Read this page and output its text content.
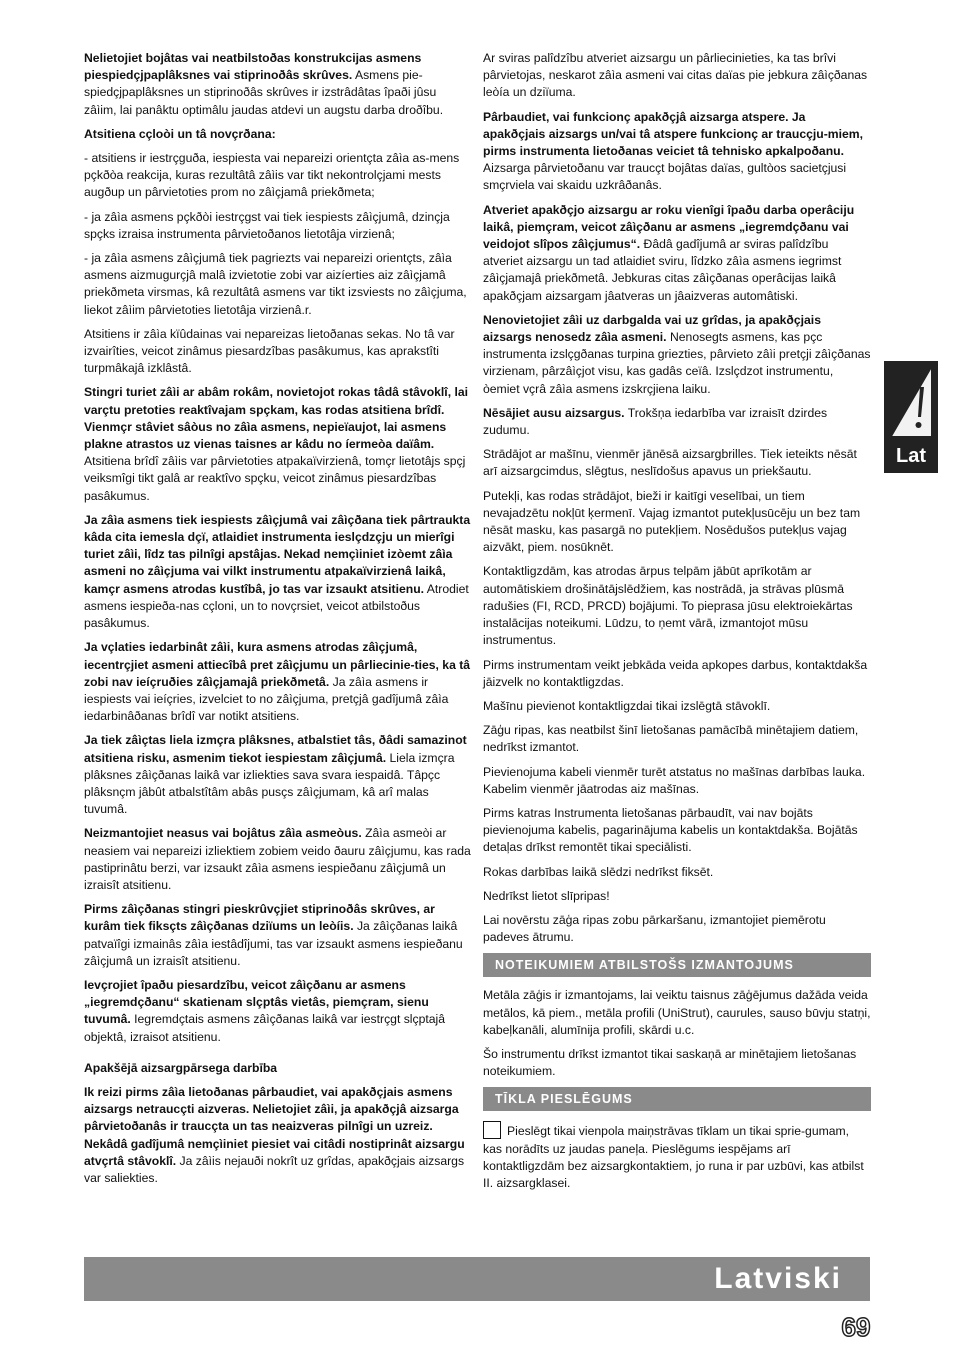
Nelietojiet bojâtas vai neatbilstoðas konstrukcijas asmens piespiedçjpaplâksnes vai stiprinoðâs skrûves. Asmens pie-spiedçjpaplâksnes un stiprinoðâs skrûves ir izstrâdâtas îpaði jûsu zâìim, lai panâktu optimâlu jaudas atdevi un augstu darba droðîbu.

Atsitiena cçloòi un tâ novçrðana:

- atsitiens ir iestrçguða, iespiesta vai nepareizi orientçta zâìa as-mens pçkðòa reakcija, kuras rezultâtâ zâìis var tikt nekontrolçjami mests augðup un pârvietoties prom no zâìçjamâ priekðmeta;

- ja zâìa asmens pçkðòi iestrçgst vai tiek iespiests zâìçjumâ, dzinçja spçks izraisa instrumenta pârvietoðanos lietotâja virzienâ;

- ja zâìa asmens zâìçjumâ tiek pagriezts vai nepareizi orientçts, zâìa asmens aizmugurçjâ malâ izvietotie zobi var aizíerties aiz zâìçjamâ priekðmeta virsmas, kâ rezultâtâ asmens var tikt izsviests no zâìçjuma, liekot zâìim pârvietoties lietotâja virzienâ.r.

Atsitiens ir zâìa kïûdainas vai nepareizas lietoðanas sekas. No tâ var izvairîties, veicot zinâmus piesardzîbas pasâkumus, kas aprakstîti turpmâkajâ izklâstâ.

Stingri turiet zâìi ar abâm rokâm, novietojot rokas tâdâ stâvoklî, lai varçtu pretoties reaktîvajam spçkam, kas rodas atsitiena brîdî. Vienmçr stâviet sâòus no zâìa asmens, nepieïaujot, lai asmens plakne atrastos uz vienas taisnes ar kâdu no íermeòa daïâm. Atsitiena brîdî zâìis var pârvietoties atpakaïvirzienâ, tomçr lietotâjs spçj veiksmîgi tikt galâ ar reaktîvo spçku, veicot zinâmus piesardzîbas pasâkumus.

Ja zâìa asmens tiek iespiests zâìçjumâ vai zâìçðana tiek pârtraukta kâda cita iemesla dçï, atlaidiet instrumenta ieslçdzçju un mierîgi turiet zâìi, lîdz tas pilnîgi apstâjas. Nekad nemçìiniet izòemt zâìa asmeni no zâìçjuma vai vilkt instrumentu atpakaïvirzienâ laikâ, kamçr asmens atrodas kustîbâ, jo tas var izsaukt atsitienu. Atrodiet asmens iespieða-nas cçloni, un to novçrsiet, veicot atbilstoðus pasâkumus.

Ja vçlaties iedarbinât zâìi, kura asmens atrodas zâìçjumâ, iecentrçjiet asmeni attiecîbâ pret zâìçjumu un pârliecinie-ties, ka tâ zobi nav ieíçruðies zâìçjamajâ priekðmetâ. Ja zâìa asmens ir iespiests vai ieíçries, izvelciet to no zâìçjuma, pretçjâ gadîjumâ zâìa iedarbinâðanas brîdî var notikt atsitiens.

Ja tiek zâìçtas liela izmçra plâksnes, atbalstiet tâs, ðâdi samazinot atsitiena risku, asmenim tiekot iespiestam zâìçjumâ. Liela izmçra plâksnes zâìçðanas laikâ var izliekties sava svara iespaidâ. Tâpçc plâksnçm jâbût atbalstîtâm abâs pusçs zâìçjumam, kâ arî malas tuvumâ.

Neizmantojiet neasus vai bojâtus zâìa asmeòus. Zâìa asmeòi ar neasiem vai nepareizi izliektiem zobiem veido ðauru zâìçjumu, kas rada pastiprinâtu berzi, var izsaukt zâìa asmens iespieðanu zâìçjumâ un izraisît atsitienu.

Pirms zâìçðanas stingri pieskrûvçjiet stiprinoðâs skrûves, ar kurâm tiek fiksçts zâìçðanas dziïums un leòíis. Ja zâìçðanas laikâ patvaïîgi izmainâs zâìa iestâdîjumi, tas var izsaukt asmens iespieðanu zâìçjumâ un izraisît atsitienu.

Ievçrojiet îpaðu piesardzîbu, veicot zâìçðanu ar asmens „iegremdçðanu“ skatienam slçptâs vietâs, piemçram, sienu tuvumâ. Iegremdçtais asmens zâìçðanas laikâ var iestrçgt slçptajâ objektâ, izraisot atsitienu.

Apakšējā aizsargpārsega darbība

Ik reizi pirms zâìa lietoðanas pârbaudiet, vai apakðçjais asmens aizsargs netraucçti aizveras. Nelietojiet zâìi, ja apakðçjâ aizsarga pârvietoðanâs ir traucçta un tas neaizveras pilnîgi un uzreiz. Nekâdâ gadîjumâ nemçìiniet piesiet vai citâdi nostiprinât aizsargu atvçrtâ stâvoklî. Ja zâìis nejauði nokrît uz grîdas, apakðçjais aizsargs var saliekties.

Ar sviras palîdzîbu atveriet aizsargu un pârliecinieties, ka tas brîvi pârvietojas, neskarot zâìa asmeni vai citas daïas pie jebkura zâìçðanas leòía un dziïuma.

Pârbaudiet, vai funkcionç apakðçjâ aizsarga atspere. Ja apakðçjais aizsargs un/vai tâ atspere funkcionç ar traucçju-miem, pirms instrumenta lietoðanas veiciet tâ tehnisko apkalpoðanu. Aizsarga pârvietoðanu var traucçt bojâtas daïas, gultòos sacietçjusi smçrviela vai skaidu uzkrâðanâs.

Atveriet apakðçjo aizsargu ar roku vienîgi îpaðu darba operâciju laikâ, piemçram, veicot zâìçðanu ar asmens „iegremdçðanu vai veidojot slîpos zâìçjumus“. Ðâdâ gadîjumâ ar sviras palîdzîbu atveriet aizsargu un tad atlaidiet sviru, lîdzko zâìa asmens iegrimst zâìçjamajâ priekðmetâ. Jebkuras citas zâìçðanas operâcijas laikâ apakðçjam aizsargam jâatveras un jâaizveras automâtiski.

Nenovietojiet zâìi uz darbgalda vai uz grîdas, ja apakðçjais aizsargs nenosedz zâìa asmeni. Nenosegts asmens, kas pçc instrumenta izslçgðanas turpina griezties, pârvieto zâìi pretçji zâìçðanas virzienam, pârzâìçjot visu, kas gadâs ceïâ. Izslçdzot instrumentu, òemiet vçrâ zâìa asmens izskrçjiena laiku.

Nēsājiet ausu aizsargus. Trokšņa iedarbība var izraisīt dzirdes zudumu.

Strādājot ar mašīnu, vienmēr jānēsā aizsargbrilles. Tiek ieteikts nēsāt arī aizsargcimdus, slēgtus, neslīdošus apavus un priekšautu.

Putekļi, kas rodas strādājot, bieži ir kaitīgi veselībai, un tiem nevajadzētu nokļūt ķermenī. Vajag izmantot putekļusūcēju un bez tam nēsāt masku, kas pasargā no putekļiem. Nosēdušos putekļus vajag aizvākt, piem. nosūknēt.

Kontaktligzdām, kas atrodas ārpus telpām jābūt aprīkotām ar automātiskiem drošinātājslēdžiem, kas nostrādā, ja strāvas plūsmā radušies (FI, RCD, PRCD) bojājumi. To pieprasa jūsu elektroiekārtas instalācijas noteikumi. Lūdzu, to ņemt vārā, izmantojot mūsu instrumentus.

Pirms instrumentam veikt jebkāda veida apkopes darbus, kontaktdakša jāizvelk no kontaktligzdas.

Mašīnu pievienot kontaktligzdai tikai izslēgtā stāvoklī.

Zāģu ripas, kas neatbilst šinī lietošanas pamācībā minētajiem datiem, nedrīkst izmantot.

Pievienojuma kabeli vienmēr turēt atstatus no mašīnas darbības lauka. Kabelim vienmēr jāatrodas aiz mašīnas.

Pirms katras Instrumenta lietošanas pārbaudīt, vai nav bojāts pievienojuma kabelis, pagarinājuma kabelis un kontaktdakša. Bojātās detaļas drīkst remontēt tikai speciālisti.

Rokas darbības laikā slēdzi nedrīkst fiksēt.

Nedrīkst lietot slīpripas!

Lai novērstu zāģa ripas zobu pārkaršanu, izmantojiet piemērotu padeves ātrumu.

NOTEIKUMIEM ATBILSTOŠS IZMANTOJUMS

Metāla zāģis ir izmantojams, lai veiktu taisnus zāģējumus dažāda veida metālos, kā piem., metāla profili (UniStrut), caurules, sauso būvju statņi, kabeļkanāli, alumīnija profili, skārdi u.c.

Šo instrumentu drīkst izmantot tikai saskaņā ar minētajiem lietošanas noteikumiem.

TĪKLA PIESLĒGUMS

Pieslēgt tikai vienpola maiņstrāvas tīklam un tikai sprie-gumam, kas norādīts uz jaudas paneļa. Pieslēgums iespējams arī kontaktligzdām bez aizsargkontaktiem, jo runa ir par uzbūvi, kas atbilst II. aizsargklasei.

Lat
Latviski
69
